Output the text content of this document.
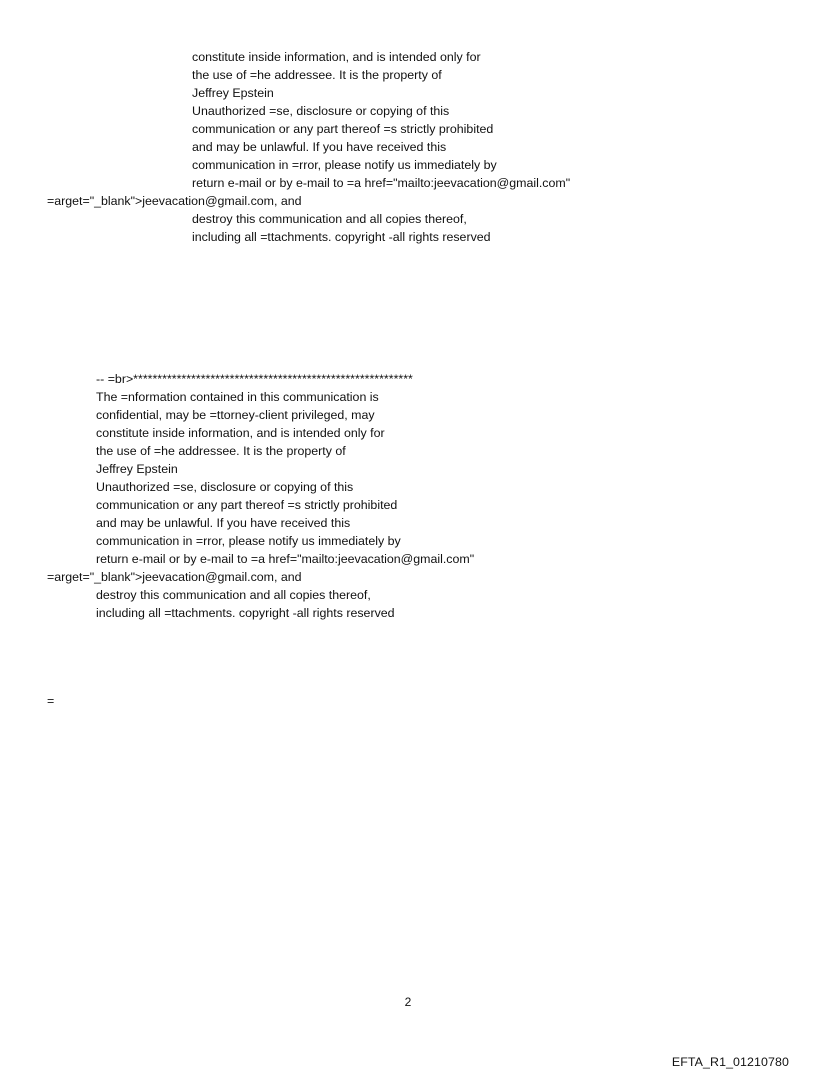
constitute inside information, and is intended only for
the use of =he addressee. It is the property of
Jeffrey Epstein
Unauthorized =se, disclosure or copying of this
communication or any part thereof =s strictly prohibited
and may be unlawful. If you have received this
communication in =rror, please notify us immediately by
return e-mail or by e-mail to =a href="mailto:jeevacation@gmail.com"
=arget="_blank">jeevacation@gmail.com, and
destroy this communication and all copies thereof,
including all =ttachments. copyright -all rights reserved
-- =br>**********************************************************
The =nformation contained in this communication is
confidential, may be =ttorney-client privileged, may
constitute inside information, and is intended only for
the use of =he addressee. It is the property of
Jeffrey Epstein
Unauthorized =se, disclosure or copying of this
communication or any part thereof =s strictly prohibited
and may be unlawful. If you have received this
communication in =rror, please notify us immediately by
return e-mail or by e-mail to =a href="mailto:jeevacation@gmail.com"
=arget="_blank">jeevacation@gmail.com, and
destroy this communication and all copies thereof,
including all =ttachments. copyright -all rights reserved
=
2
EFTA_R1_01210780
